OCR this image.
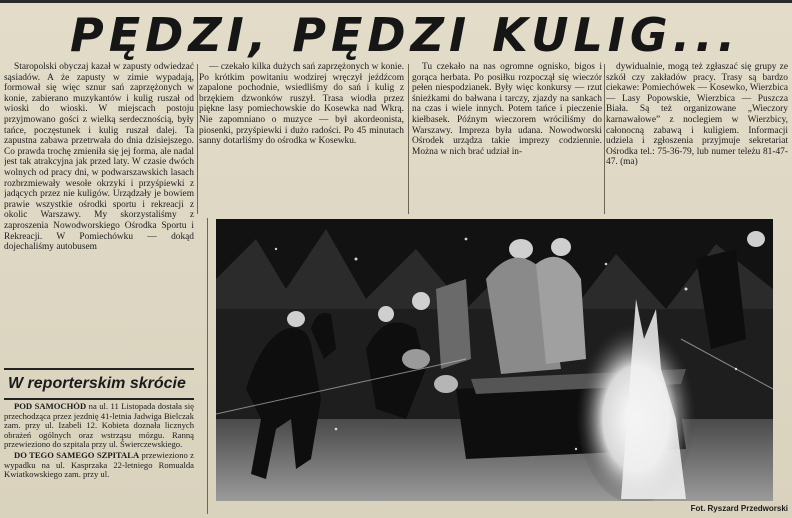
PĘDZI, PĘDZI KULIG...

Staropolski obyczaj kazał w zapusty odwiedzać sąsiadów. A że zapusty w zimie wypadają, formował się więc sznur sań zaprzężonych w konie, zabierano muzykantów i kulig ruszał od wioski do wioski. W miejscach postoju przyjmowano gości z wielką serdecznością, były tańce, poczęstunek i kulig ruszał dalej. Ta zapustna zabawa przetrwała do dnia dzisiejszego. Co prawda trochę zmieniła się jej forma, ale nadal jest tak atrakcyjna jak przed laty. W czasie dwóch wolnych od pracy dni, w podwarszawskich lasach rozbrzmiewały wesołe okrzyki i przyśpiewki z jadących przez nie kuligów. Urządzały je bowiem prawie wszystkie ośrodki sportu i rekreacji z okolic Warszawy. My skorzystaliśmy z zaproszenia Nowodworskiego Ośrodka Sportu i Rekreacji. W Pomiechówku — dokąd dojechaliśmy autobusem

— czekało kilka dużych sań zaprzężonych w konie. Po krótkim powitaniu wodzirej wręczył jeźdźcom zapalone pochodnie, wsiedliśmy do sań i kulig z brzękiem dzwonków ruszył. Trasa wiodła przez piękne lasy pomiechowskie do Kosewka nad Wkrą. Nie zapomniano o muzyce — był akordeonista, piosenki, przyśpiewki i dużo radości. Po 45 minutach sanny dotarliśmy do ośrodka w Kosewku.

Tu czekało na nas ogromne ognisko, bigos i gorąca herbata. Po posiłku rozpoczął się wieczór pełen niespodzianek. Były więc konkursy — rzut śnieżkami do bałwana i tarczy, zjazdy na sankach na czas i wiele innych. Potem tańce i pieczenie kiełbasek. Późnym wieczorem wróciliśmy do Warszawy. Impreza była udana. Nowodworski Ośrodek urządza takie imprezy codziennie. Można w nich brać udział in-

dywidualnie, mogą też zgłaszać się grupy ze szkół czy zakładów pracy. Trasy są bardzo ciekawe: Pomiechówek — Kosewko, Wierzbica — Lasy Popowskie, Wierzbica — Puszcza Biała. Są też organizowane „Wieczory karnawałowe” z noclegiem w Wierzbicy, całonocną zabawą i kuligiem. Informacji udziela i zgłoszenia przyjmuje sekretariat Ośrodka tel.: 75-36-79, lub numer teleżu 81-47-47. (ma)

W reporterskim skrócie

POD SAMOCHÓD na ul. 11 Listopada dostała się przechodząca przez jezdnię 41-letnia Jadwiga Bielczak zam. przy ul. Izabeli 12. Kobieta doznała licznych obrażeń ogólnych oraz wstrząsu mózgu. Ranną przewieziono do szpitala przy ul. Świerczewskiego.

DO TEGO SAMEGO SZPITALA przewieziono z wypadku na ul. Kasprzaka 22-letniego Romualda Kwiatkowskiego zam. przy ul.

Fot. Ryszard Przedworski
